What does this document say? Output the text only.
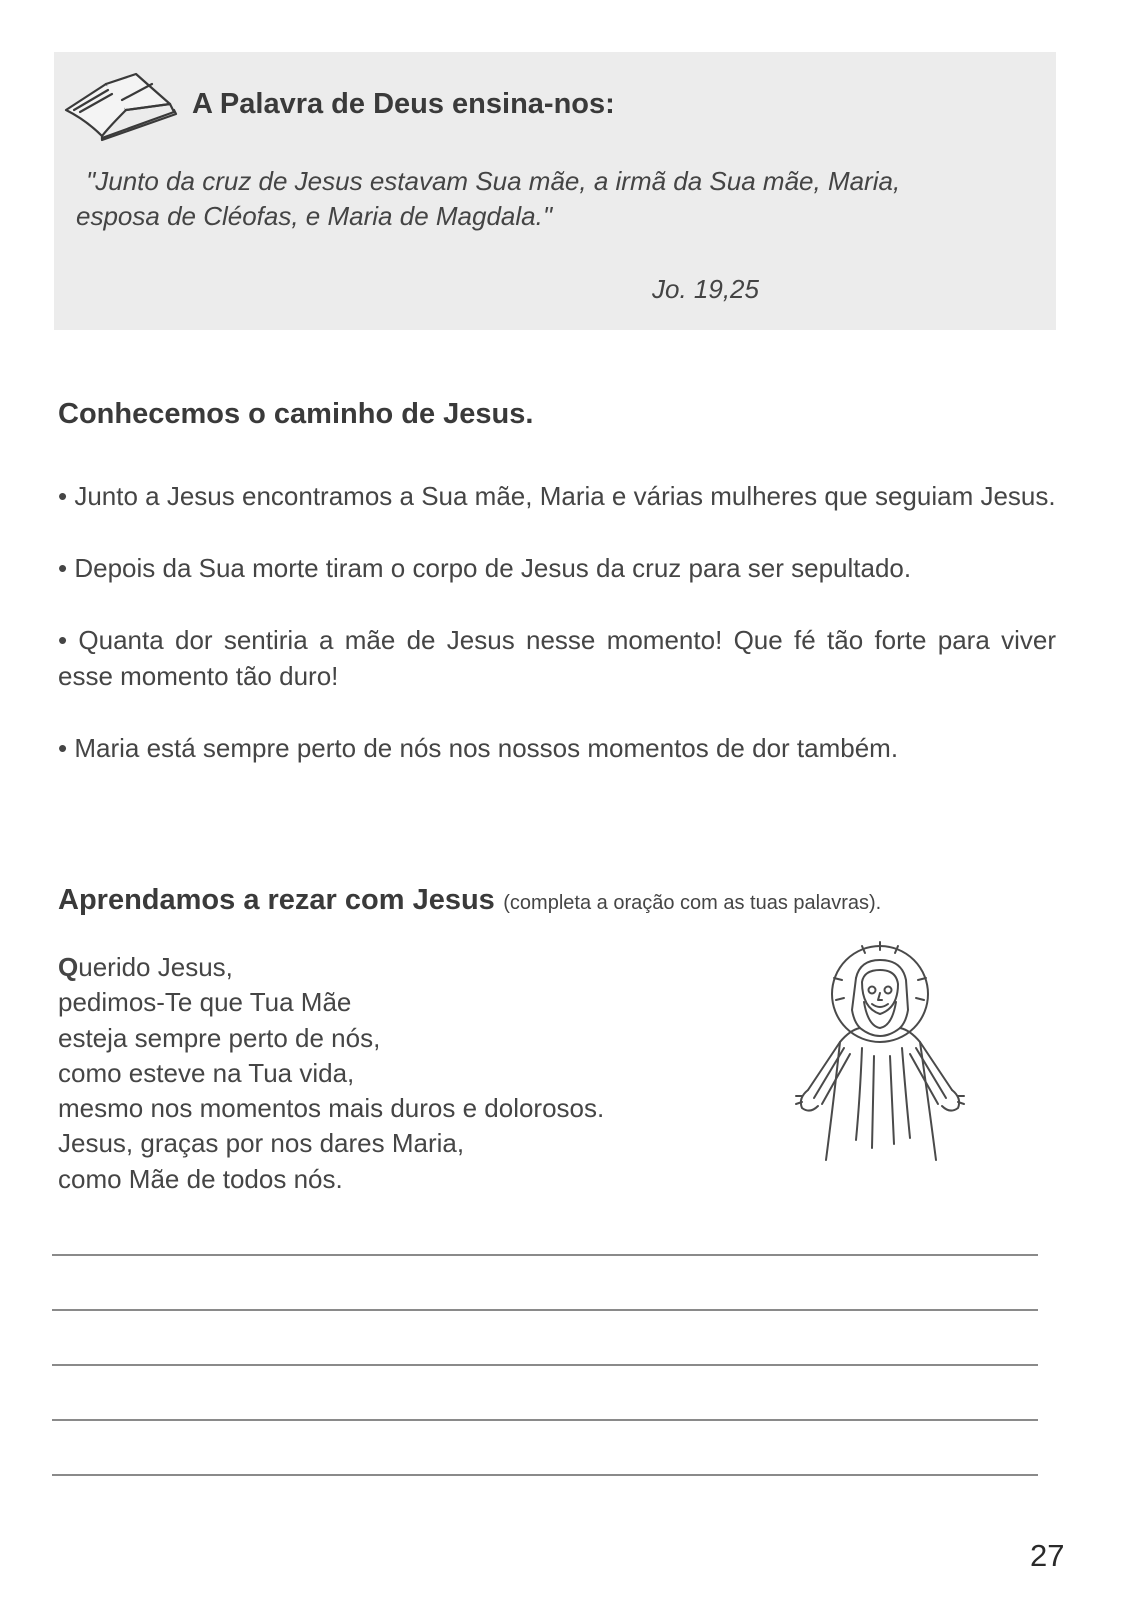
A Palavra de Deus ensina-nos:
"Junto da cruz de Jesus estavam Sua mãe, a irmã da Sua mãe, Maria,
esposa de Cléofas, e Maria de Magdala."
Jo. 19,25
Conhecemos o caminho de Jesus.

• Junto a Jesus encontramos a Sua mãe, Maria e várias mulheres que seguiam Jesus.

• Depois da Sua morte tiram o corpo de Jesus da cruz para ser sepultado.

• Quanta dor sentiria a mãe de Jesus nesse momento! Que fé tão forte para viver esse momento tão duro!

• Maria está sempre perto de nós nos nossos momentos de dor também.

Aprendamos a rezar com Jesus (completa a oração com as tuas palavras).
Querido Jesus,
pedimos-Te que Tua Mãe
esteja sempre perto de nós,
como esteve na Tua vida,
mesmo nos momentos mais duros e dolorosos.
Jesus, graças por nos dares Maria,
como Mãe de todos nós.
27
